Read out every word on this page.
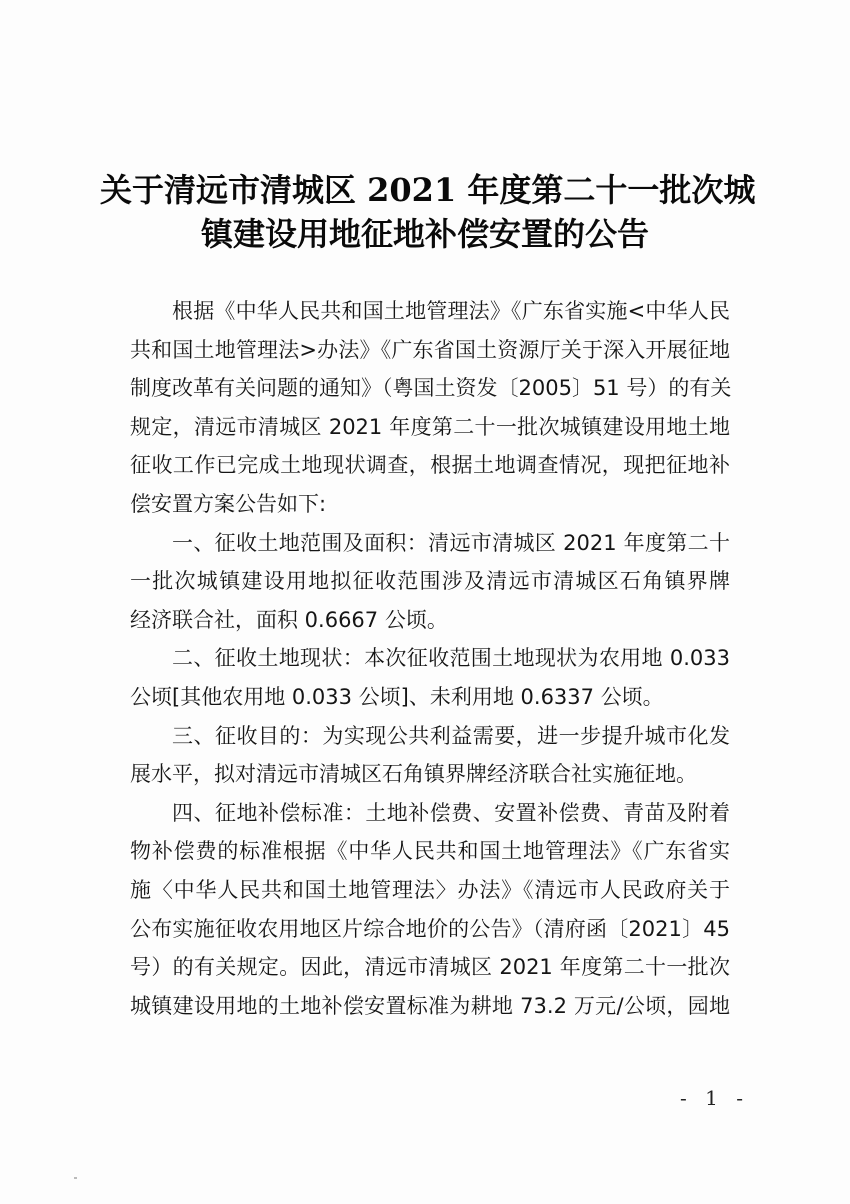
关于清远市清城区 2021 年度第二十一批次城
镇建设用地征地补偿安置的公告
根据《中华人民共和国土地管理法》《广东省实施<中华人民
共和国土地管理法>办法》《广东省国土资源厅关于深入开展征地
制度改革有关问题的通知》（粤国土资发〔2005〕51 号）的有关
规定，清远市清城区 2021 年度第二十一批次城镇建设用地土地
征收工作已完成土地现状调查，根据土地调查情况，现把征地补
偿安置方案公告如下:
一、征收土地范围及面积：清远市清城区 2021 年度第二十
一批次城镇建设用地拟征收范围涉及清远市清城区石角镇界牌
经济联合社，面积 0.6667 公顷。
二、征收土地现状：本次征收范围土地现状为农用地 0.033
公顷[其他农用地 0.033 公顷]、未利用地 0.6337 公顷。
三、征收目的：为实现公共利益需要，进一步提升城市化发
展水平，拟对清远市清城区石角镇界牌经济联合社实施征地。
四、征地补偿标准：土地补偿费、安置补偿费、青苗及附着
物补偿费的标准根据《中华人民共和国土地管理法》《广东省实
施〈中华人民共和国土地管理法〉办法》《清远市人民政府关于
公布实施征收农用地区片综合地价的公告》（清府函〔2021〕45
号）的有关规定。因此，清远市清城区 2021 年度第二十一批次
城镇建设用地的土地补偿安置标准为耕地 73.2 万元/公顷，园地
- 1 -
